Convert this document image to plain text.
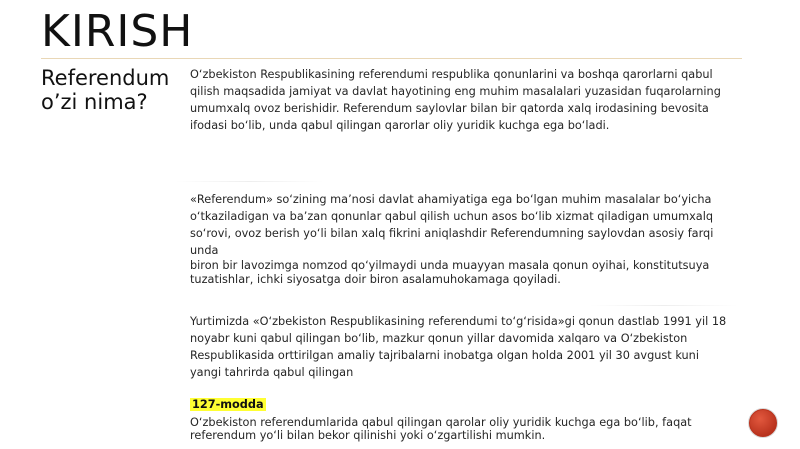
KIRISH
Referendum o’zi nima?
O‘zbekiston Respublikasining referendumi respublika qonunlarini va boshqa qarorlarni qabul qilish maqsadida jamiyat va davlat hayotining eng muhim masalalari yuzasidan fuqarolarning umumxalq ovoz berishidir. Referendum saylovlar bilan bir qatorda xalq irodasining bevosita ifodasi bo‘lib, unda qabul qilingan qarorlar oliy yuridik kuchga ega bo‘ladi.
«Referendum» so‘zining ma’nosi davlat ahamiyatiga ega bo‘lgan muhim masalalar bo‘yicha o‘tkaziladigan va ba’zan qonunlar qabul qilish uchun asos bo‘lib xizmat qiladigan umumxalq so‘rovi, ovoz berish yo‘li bilan xalq fikrini aniqlashdir Referendumning saylovdan asosiy farqi unda
biron bir lavozimga nomzod qo‘yilmaydi unda muayyan masala qonun oyihai, konstitutsuya tuzatishlar, ichki siyosatga doir biron asalamuhokamaga qoyiladi.
Yurtimizda «O‘zbekiston Respublikasining referendumi to‘g‘risida»gi qonun dastlab 1991 yil 18 noyabr kuni qabul qilingan bo‘lib, mazkur qonun yillar davomida xalqaro va O‘zbekiston Respublikasida orttirilgan amaliy tajribalarni inobatga olgan holda 2001 yil 30 avgust kuni yangi tahrirda qabul qilingan
127-modda
O‘zbekiston referendumlarida qabul qilingan qarolar oliy yuridik kuchga ega bo‘lib, faqat referendum yo‘li bilan bekor qilinishi yoki o‘zgartilishi mumkin.
